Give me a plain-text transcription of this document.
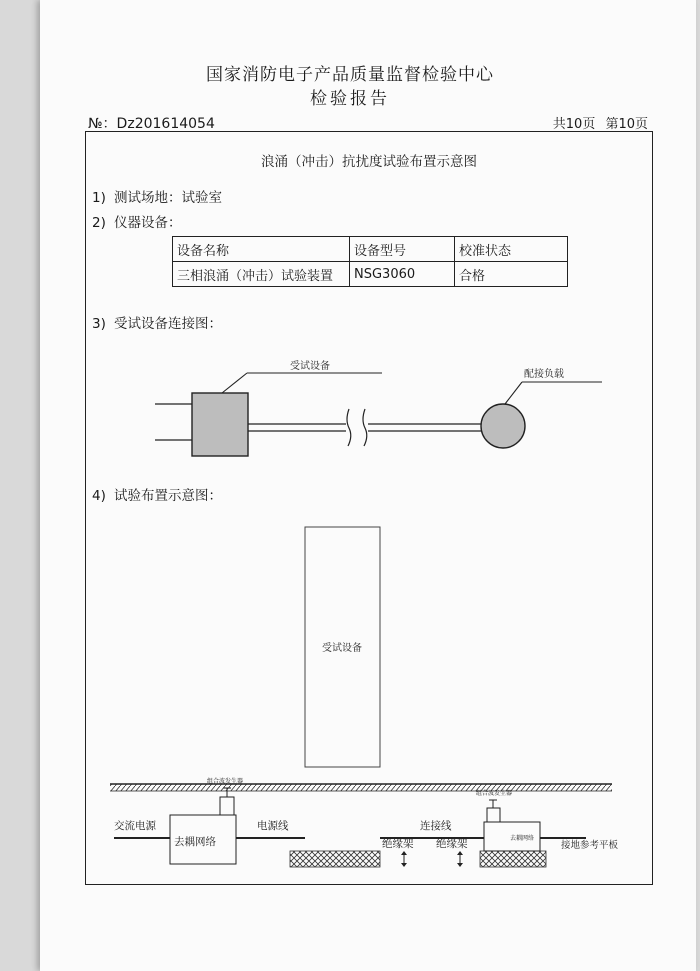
国家消防电子产品质量监督检验中心
检验报告
№：Dz201614054	共10页 第10页
浪涌（冲击）抗扰度试验布置示意图
1) 测试场地：试验室
2) 仪器设备：
设备名称	设备型号	校准状态
三相浪涌（冲击）试验装置	NSG3060	合格
3) 受试设备连接图：
4) 试验布置示意图：
受试设备
配接负载
受试设备
交流电源
去耦网络
组合波发生器
电源线	连接线
绝缘架 绝缘架	去耦网络
组合波发生器
接地参考平板
